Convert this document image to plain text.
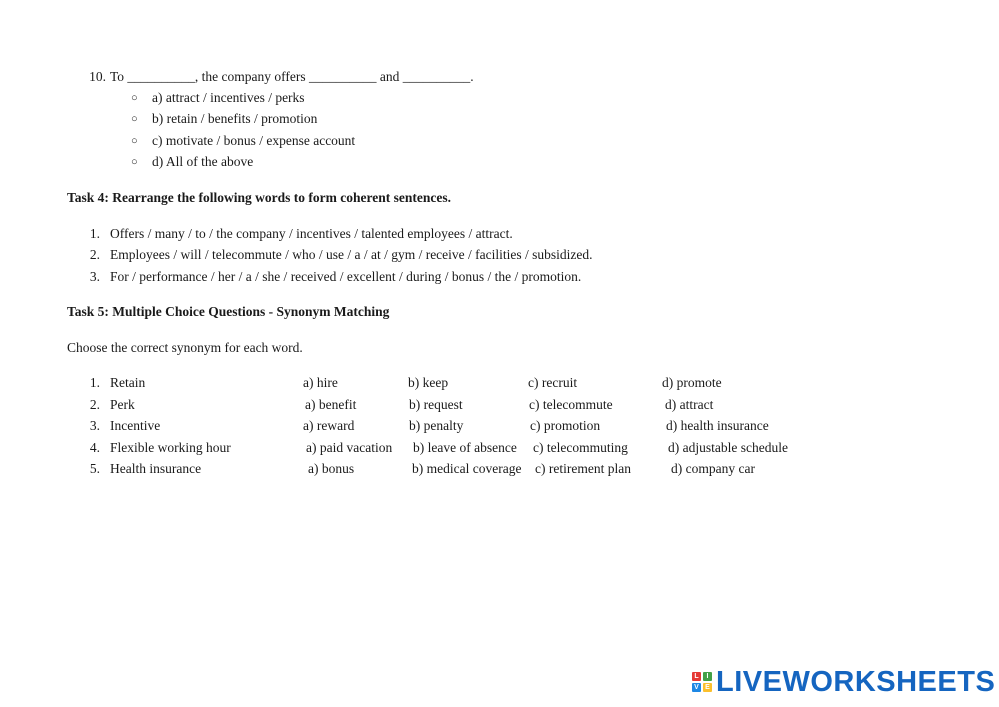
10. To __________, the company offers __________ and __________.
○ a) attract / incentives / perks
○ b) retain / benefits / promotion
○ c) motivate / bonus / expense account
○ d) All of the above
Task 4: Rearrange the following words to form coherent sentences.
1. Offers / many / to / the company / incentives / talented employees / attract.
2. Employees / will / telecommute / who / use / a / at / gym / receive / facilities / subsidized.
3. For / performance / her / a / she / received / excellent / during / bonus / the / promotion.
Task 5: Multiple Choice Questions - Synonym Matching
Choose the correct synonym for each word.
1. Retain	a) hire	b) keep	c) recruit	d) promote
2. Perk	a) benefit	b) request	c) telecommute	d) attract
3. Incentive	a) reward	b) penalty	c) promotion	d) health insurance
4. Flexible working hour	a) paid vacation b) leave of absence c) telecommuting	d) adjustable schedule
5. Health insurance	a) bonus	b) medical coverage c) retirement plan	d) company car
L	I
V E LIVEWORKSHEETS
